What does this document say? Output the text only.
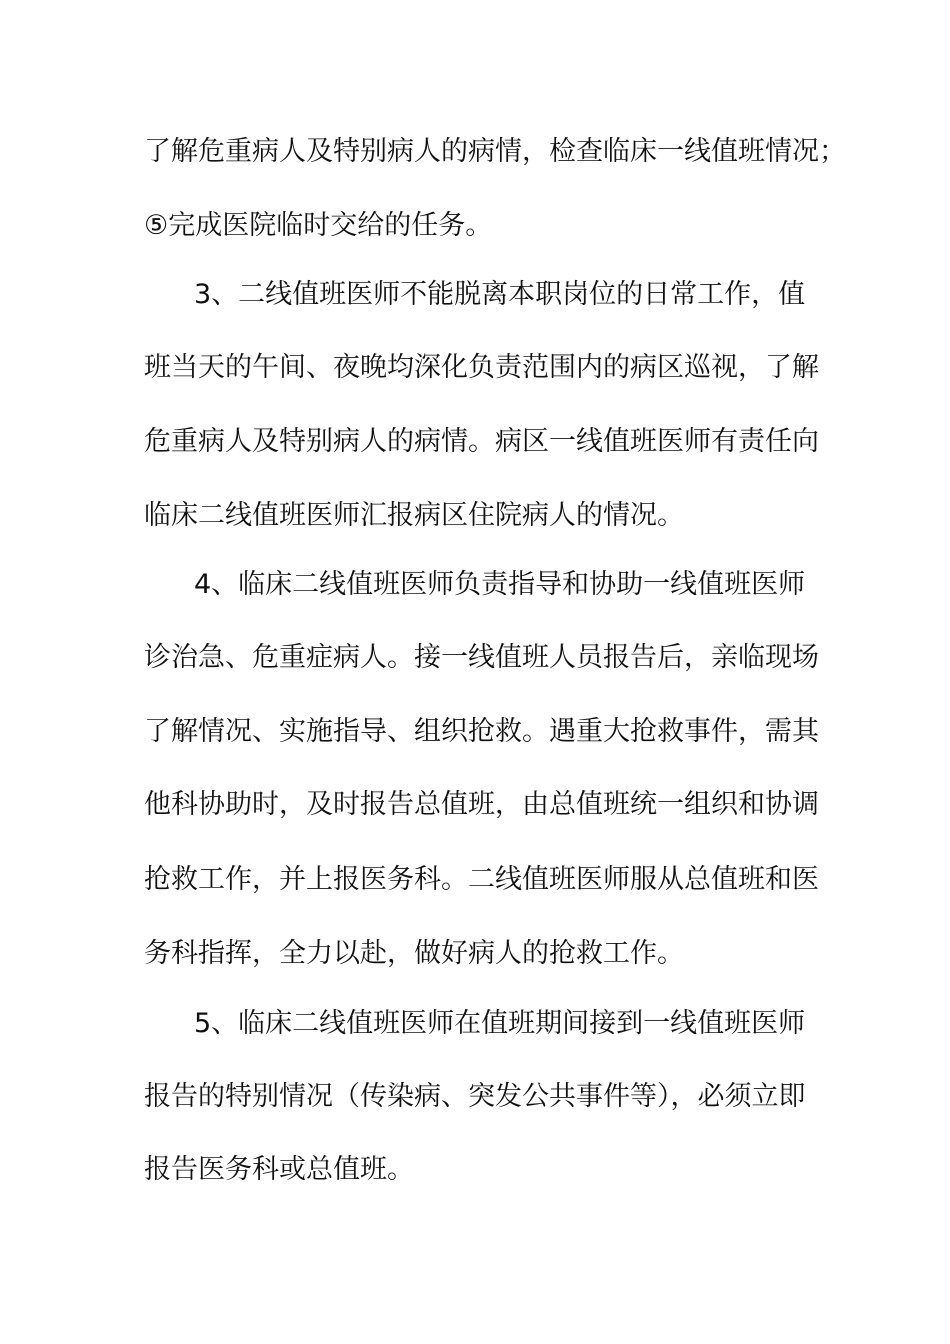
了解危重病人及特别病人的病情，检查临床一线值班情况；
⑤完成医院临时交给的任务。
3、二线值班医师不能脱离本职岗位的日常工作，值
班当天的午间、夜晚均深化负责范围内的病区巡视，了解
危重病人及特别病人的病情。病区一线值班医师有责任向
临床二线值班医师汇报病区住院病人的情况。
4、临床二线值班医师负责指导和协助一线值班医师
诊治急、危重症病人。接一线值班人员报告后，亲临现场
了解情况、实施指导、组织抢救。遇重大抢救事件，需其
他科协助时，及时报告总值班，由总值班统一组织和协调
抢救工作，并上报医务科。二线值班医师服从总值班和医
务科指挥，全力以赴，做好病人的抢救工作。
5、临床二线值班医师在值班期间接到一线值班医师
报告的特别情况（传染病、突发公共事件等），必须立即
报告医务科或总值班。
